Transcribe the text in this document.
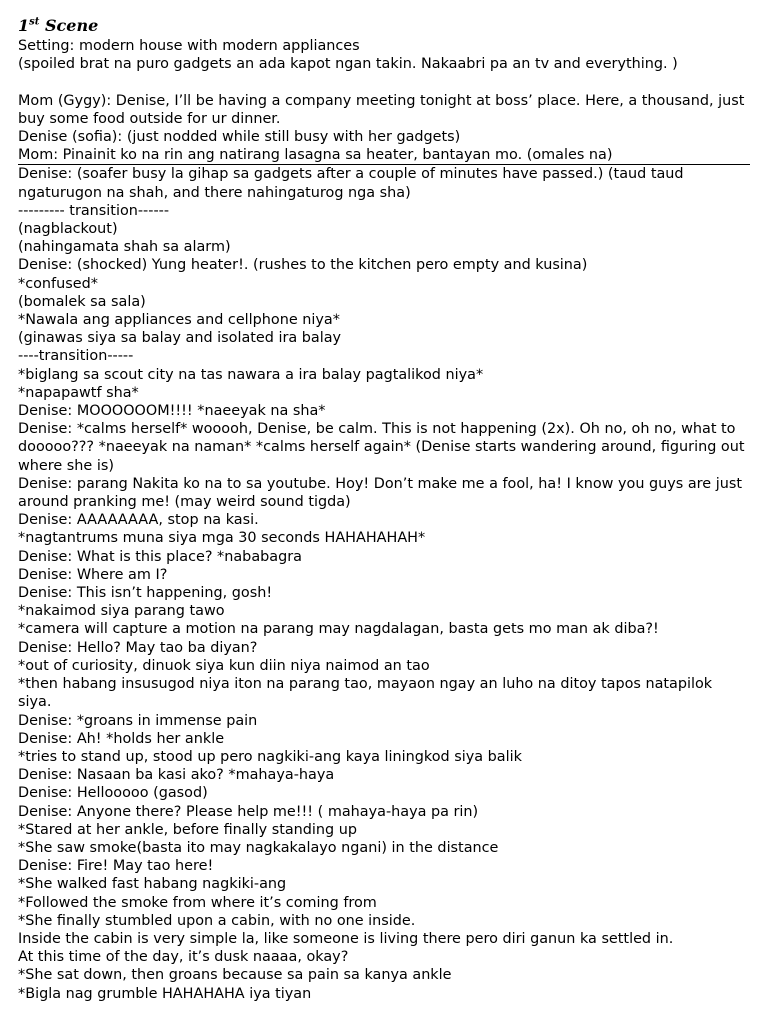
1st Scene

Setting: modern house with modern appliances

(spoiled brat na puro gadgets an ada kapot ngan takin. Nakaabri pa an tv and everything. )

Mom (Gygy): Denise, I’ll be having a company meeting tonight at boss’ place. Here, a thousand, just buy some food outside for ur dinner.

Denise (sofia): (just nodded while still busy with her gadgets)

Mom: Pinainit ko na rin ang natirang lasagna sa heater, bantayan mo. (omales na)

Denise: (soafer busy la gihap sa gadgets after a couple of minutes have passed.) (taud taud ngaturugon na shah, and there nahingaturog nga sha)

--------- transition------

(nagblackout)

(nahingamata shah sa alarm)

Denise: (shocked) Yung heater!. (rushes to the kitchen pero empty and kusina)

*confused*

(bomalek sa sala)

*Nawala ang appliances and cellphone niya*

(ginawas siya sa balay and isolated ira balay

----transition-----

*biglang sa scout city na tas nawara a ira balay pagtalikod niya*

*napapawtf sha*

Denise: MOOOOOOM!!!! *naeeyak na sha*

Denise: *calms herself* wooooh, Denise, be calm. This is not happening (2x). Oh no, oh no, what to dooooo??? *naeeyak na naman* *calms herself again* (Denise starts wandering around, figuring out where she is)

Denise: parang Nakita ko na to sa youtube. Hoy! Don’t make me a fool, ha! I know you guys are just around pranking me! (may weird sound tigda)

Denise: AAAAAAAA, stop na kasi.

*nagtantrums muna siya mga 30 seconds HAHAHAHAH*

Denise: What is this place? *nababagra

Denise: Where am I?

Denise: This isn’t happening, gosh!

*nakaimod siya parang tawo

*camera will capture a motion na parang may nagdalagan, basta gets mo man ak diba?!

Denise: Hello? May tao ba diyan?

*out of curiosity, dinuok siya kun diin niya naimod an tao

*then habang insusugod niya iton na parang tao, mayaon ngay an luho na ditoy tapos natapilok siya.

Denise: *groans in immense pain

Denise: Ah! *holds her ankle

*tries to stand up, stood up pero nagkiki-ang kaya liningkod siya balik

Denise: Nasaan ba kasi ako? *mahaya-haya

Denise: Hellooooo (gasod)

Denise: Anyone there? Please help me!!! ( mahaya-haya pa rin)

*Stared at her ankle, before finally standing up

*She saw smoke(basta ito may nagkakalayo ngani) in the distance

Denise: Fire! May tao here!

*She walked fast habang nagkiki-ang

*Followed the smoke from where it’s coming from

*She finally stumbled upon a cabin, with no one inside.

Inside the cabin is very simple la, like someone is living there pero diri ganun ka settled in.

At this time of the day, it’s dusk naaaa, okay?

*She sat down, then groans because sa pain sa kanya ankle

*Bigla nag grumble HAHAHAHA iya tiyan
